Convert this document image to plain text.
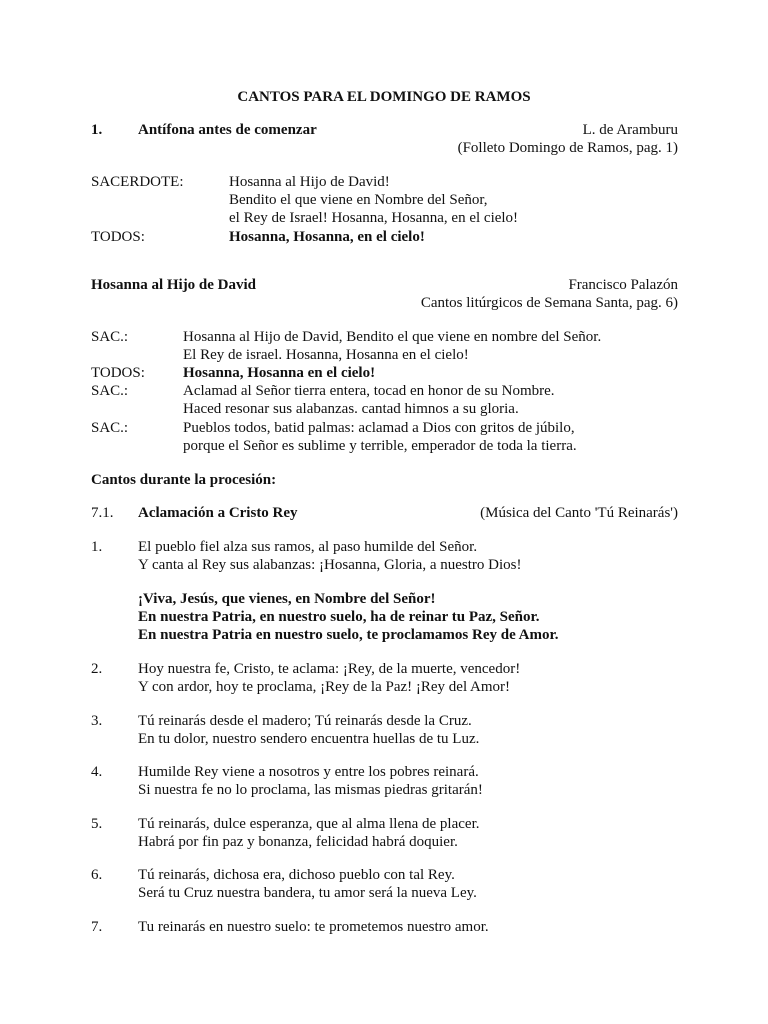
CANTOS PARA EL DOMINGO DE RAMOS
1. Antífona antes de comenzar	L. de Aramburu
(Folleto Domingo de Ramos, pag. 1)
SACERDOTE:	Hosanna al Hijo de David!
Bendito el que viene en Nombre del Señor,
el Rey de Israel! Hosanna, Hosanna, en el cielo!
TODOS:	Hosanna, Hosanna, en el cielo!
Hosanna al Hijo de David	Francisco Palazón
Cantos litúrgicos de Semana Santa, pag. 6)
SAC.:	Hosanna al Hijo de David, Bendito el que viene en nombre del Señor.
El Rey de israel. Hosanna, Hosanna en el cielo!
TODOS:	Hosanna, Hosanna en el cielo!
SAC.:	Aclamad al Señor tierra entera, tocad en honor de su Nombre.
Haced resonar sus alabanzas. cantad himnos a su gloria.
SAC.:	Pueblos todos, batid palmas: aclamad a Dios con gritos de júbilo,
porque el Señor es sublime y terrible, emperador de toda la tierra.
Cantos durante la procesión:
7.1. Aclamación a Cristo Rey	(Música del Canto 'Tú Reinarás')
1. El pueblo fiel alza sus ramos, al paso humilde del Señor.
Y canta al Rey sus alabanzas: ¡Hosanna, Gloria, a nuestro Dios!
¡Viva, Jesús, que vienes, en Nombre del Señor!
En nuestra Patria, en nuestro suelo, ha de reinar tu Paz, Señor.
En nuestra Patria en nuestro suelo, te proclamamos Rey de Amor.
2. Hoy nuestra fe, Cristo, te aclama: ¡Rey, de la muerte, vencedor!
Y con ardor, hoy te proclama, ¡Rey de la Paz! ¡Rey del Amor!
3. Tú reinarás desde el madero; Tú reinarás desde la Cruz.
En tu dolor, nuestro sendero encuentra huellas de tu Luz.
4. Humilde Rey viene a nosotros y entre los pobres reinará.
Si nuestra fe no lo proclama, las mismas piedras gritarán!
5. Tú reinarás, dulce esperanza, que al alma llena de placer.
Habrá por fin paz y bonanza, felicidad habrá doquier.
6. Tú reinarás, dichosa era, dichoso pueblo con tal Rey.
Será tu Cruz nuestra bandera, tu amor será la nueva Ley.
7. Tu reinarás en nuestro suelo: te prometemos nuestro amor.
